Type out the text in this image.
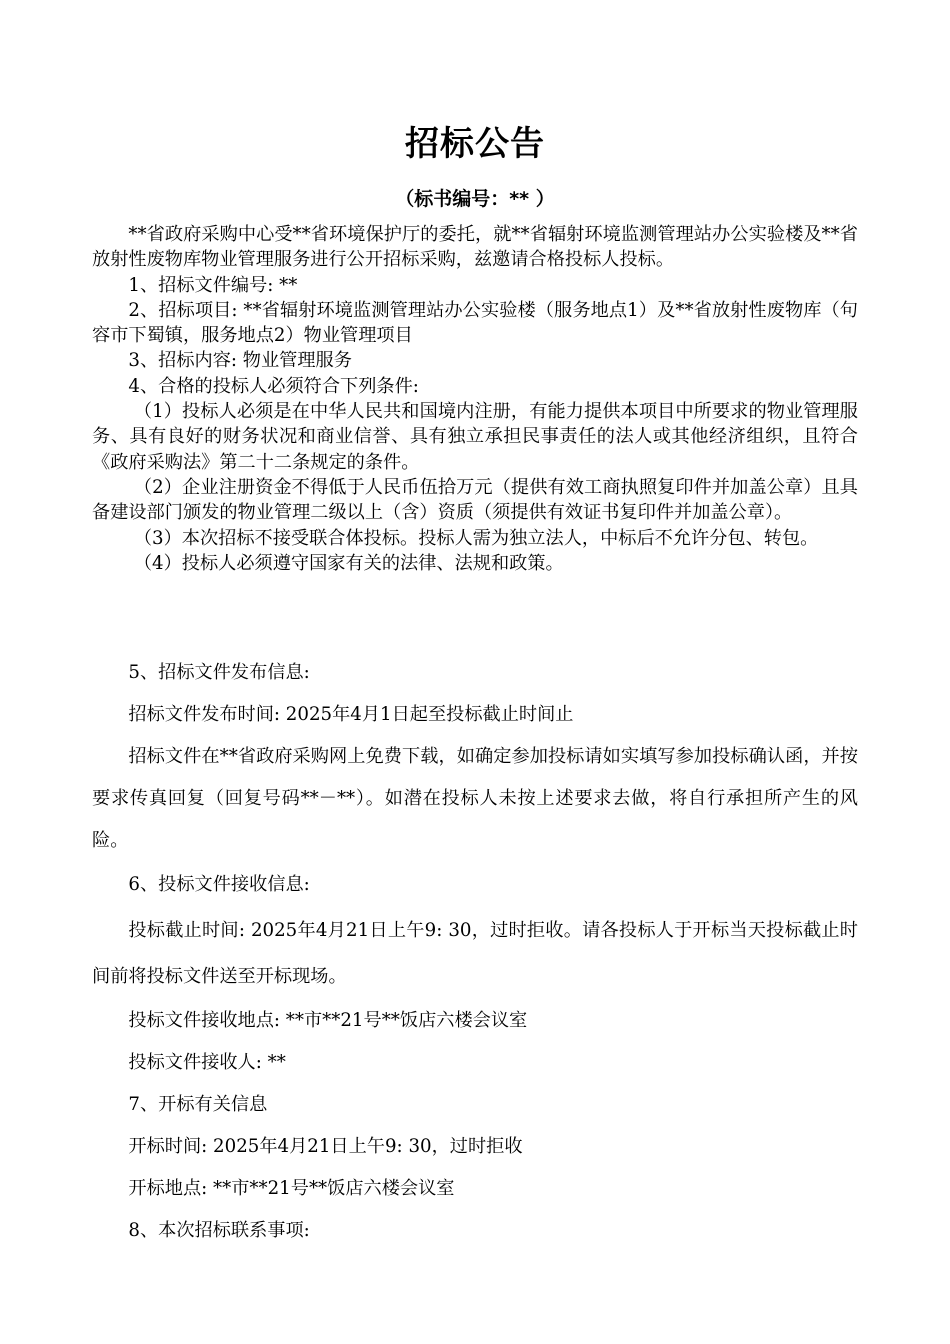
招标公告
（标书编号：** ）

**省政府采购中心受**省环境保护厅的委托，就**省辐射环境监测管理站办公实验楼及**省放射性废物库物业管理服务进行公开招标采购，兹邀请合格投标人投标。

1、招标文件编号: **

2、招标项目: **省辐射环境监测管理站办公实验楼（服务地点1）及**省放射性废物库（句容市下蜀镇，服务地点2）物业管理项目

3、招标内容: 物业管理服务

4、合格的投标人必须符合下列条件:

（1）投标人必须是在中华人民共和国境内注册，有能力提供本项目中所要求的物业管理服务、具有良好的财务状况和商业信誉、具有独立承担民事责任的法人或其他经济组织，且符合《政府采购法》第二十二条规定的条件。

（2）企业注册资金不得低于人民币伍拾万元（提供有效工商执照复印件并加盖公章）且具备建设部门颁发的物业管理二级以上（含）资质（须提供有效证书复印件并加盖公章）。

（3）本次招标不接受联合体投标。投标人需为独立法人，中标后不允许分包、转包。

（4）投标人必须遵守国家有关的法律、法规和政策。

5、招标文件发布信息:

招标文件发布时间: 2025年4月1日起至投标截止时间止

招标文件在**省政府采购网上免费下载，如确定参加投标请如实填写参加投标确认函，并按要求传真回复（回复号码**－**）。如潜在投标人未按上述要求去做，将自行承担所产生的风险。

6、投标文件接收信息:

投标截止时间: 2025年4月21日上午9: 30，过时拒收。请各投标人于开标当天投标截止时间前将投标文件送至开标现场。

投标文件接收地点: **市**21号**饭店六楼会议室

投标文件接收人: **

7、开标有关信息

开标时间: 2025年4月21日上午9: 30，过时拒收

开标地点: **市**21号**饭店六楼会议室

8、本次招标联系事项:
